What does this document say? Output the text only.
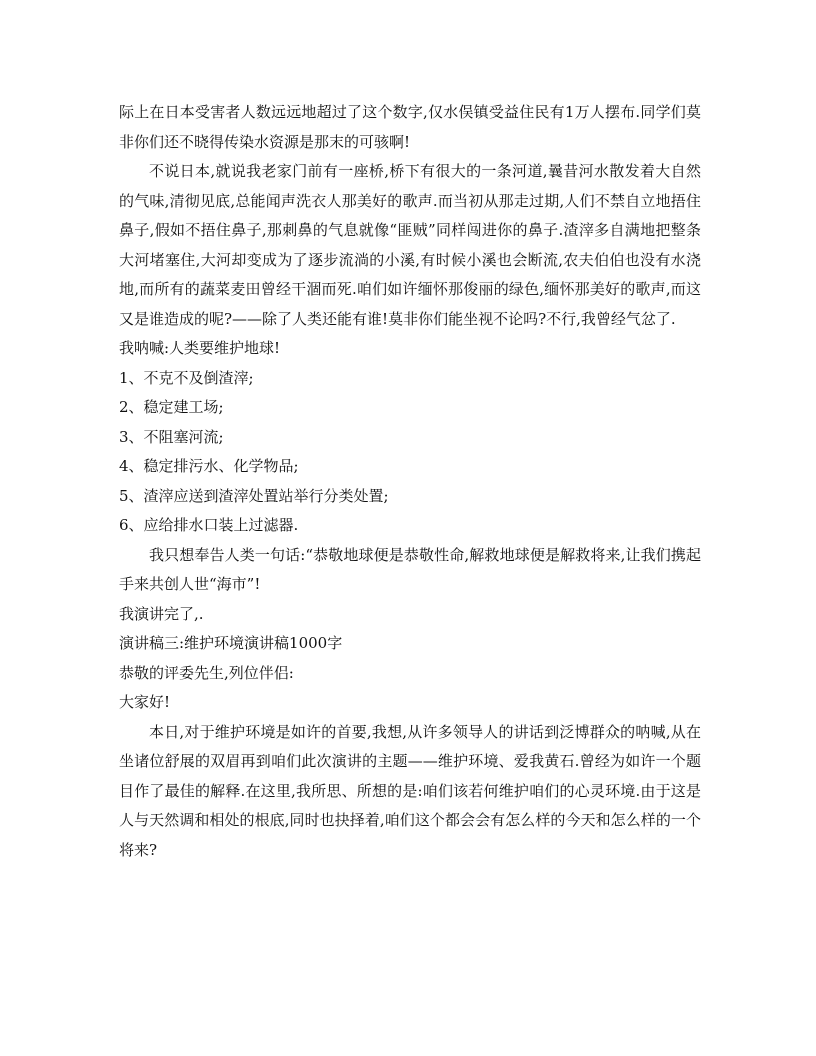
际上在日本受害者人数远远地超过了这个数字,仅水俣镇受益住民有1万人摆布.同学们莫非你们还不晓得传染水资源是那末的可骇啊!

不说日本,就说我老家门前有一座桥,桥下有很大的一条河道,曩昔河水散发着大自然的气味,清彻见底,总能闻声洗衣人那美好的歌声.而当初从那走过期,人们不禁自立地捂住鼻子,假如不捂住鼻子,那刺鼻的气息就像“匪贼”同样闯进你的鼻子.渣滓多自满地把整条大河堵塞住,大河却变成为了逐步流淌的小溪,有时候小溪也会断流,农夫伯伯也没有水浇地,而所有的蔬菜麦田曾经干涸而死.咱们如许缅怀那俊丽的绿色,缅怀那美好的歌声,而这又是谁造成的呢?——除了人类还能有谁!莫非你们能坐视不论吗?不行,我曾经气忿了.

我呐喊:人类要维护地球!

1、不克不及倒渣滓;

2、稳定建工场;

3、不阻塞河流;

4、稳定排污水、化学物品;

5、渣滓应送到渣滓处置站举行分类处置;

6、应给排水口装上过滤器.

我只想奉告人类一句话:“恭敬地球便是恭敬性命,解救地球便是解救将来,让我们携起手来共创人世“海市”!

我演讲完了,.

演讲稿三:维护环境演讲稿1000字

恭敬的评委先生,列位伴侣:

大家好!

本日,对于维护环境是如许的首要,我想,从许多领导人的讲话到泛博群众的呐喊,从在坐诸位舒展的双眉再到咱们此次演讲的主题——维护环境、爱我黄石.曾经为如许一个题目作了最佳的解释.在这里,我所思、所想的是:咱们该若何维护咱们的心灵环境.由于这是人与天然调和相处的根底,同时也抉择着,咱们这个都会会有怎么样的今天和怎么样的一个将来?
